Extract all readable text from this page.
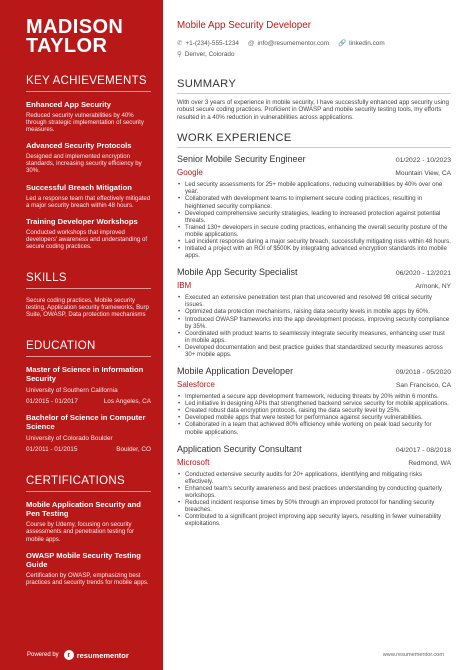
MADISON
TAYLOR
KEY ACHIEVEMENTS
Enhanced App Security
Reduced security vulnerabilities by 40% through strategic implementation of security measures.
Advanced Security Protocols
Designed and implemented encryption standards, increasing security efficiency by 30%.
Successful Breach Mitigation
Led a response team that effectively mitigated a major security breach within 48 hours.
Training Developer Workshops
Conducted workshops that improved developers' awareness and understanding of secure coding practices.
SKILLS
Secure coding practices, Mobile security testing, Application security frameworks, Burp Suite, OWASP, Data protection mechanisms
EDUCATION
Master of Science in Information Security
University of Southern California
01/2015 - 01/2017	Los Angeles, CA
Bachelor of Science in Computer Science
University of Colorado Boulder
01/2011 - 01/2015	Boulder, CO
CERTIFICATIONS
Mobile Application Security and Pen Testing
Course by Udemy, focusing on security assessments and penetration testing for mobile apps.
OWASP Mobile Security Testing Guide
Certification by OWASP, emphasizing best practices and security trends for mobile apps.
Mobile App Security Developer
✆ +1-(234)-555-1234 @ info@resumementor.com 🔗 linkedin.com
⚲ Denver, Colorado
SUMMARY
With over 3 years of experience in mobile security, I have successfully enhanced app security using robust secure coding practices. Proficient in OWASP and mobile security testing tools, my efforts resulted in a 40% reduction in vulnerabilities across applications.
WORK EXPERIENCE
Senior Mobile Security Engineer	01/2022 - 10/2023
Google	Mountain View, CA
• Led security assessments for 25+ mobile applications, reducing vulnerabilities by 40% over one year.
• Collaborated with development teams to implement secure coding practices, resulting in heightened security compliance.
• Developed comprehensive security strategies, leading to increased protection against potential threats.
• Trained 130+ developers in secure coding practices, enhancing the overall security posture of the mobile applications.
• Led incident response during a major security breach, successfully mitigating risks within 48 hours.
• Initiated a project with an ROI of $500K by integrating advanced encryption standards into mobile apps.
Mobile App Security Specialist	06/2020 - 12/2021
IBM	Armonk, NY
• Executed an extensive penetration test plan that uncovered and resolved 98 critical security issues.
• Optimized data protection mechanisms, raising data security levels in mobile apps by 60%.
• Introduced OWASP frameworks into the app development process, improving security compliance by 35%.
• Coordinated with product teams to seamlessly integrate security measures, enhancing user trust in mobile apps.
• Developed documentation and best practice guides that standardized security measures across 30+ mobile apps.
Mobile Application Developer	09/2018 - 05/2020
Salesforce	San Francisco, CA
• Implemented a secure app development framework, reducing threats by 20% within 6 months.
• Led initiative in designing APIs that strengthened backend service security for mobile applications.
• Created robust data encryption protocols, raising the data security level by 25%.
• Developed mobile apps that were tested for performance against security vulnerabilities.
• Collaborated in a team that achieved 80% efficiency while working on peak load security for mobile applications.
Application Security Consultant	04/2017 - 08/2018
Microsoft	Redmond, WA
• Conducted extensive security audits for 20+ applications, identifying and mitigating risks effectively.
• Enhanced team's security awareness and best practices understanding by conducting quarterly workshops.
• Reduced incident response times by 50% through an improved protocol for handling security breaches.
• Contributed to a significant project improving app security layers, resulting in fewer vulnerability exploitations.
Powered by	r resumementor	www.resumementor.com
